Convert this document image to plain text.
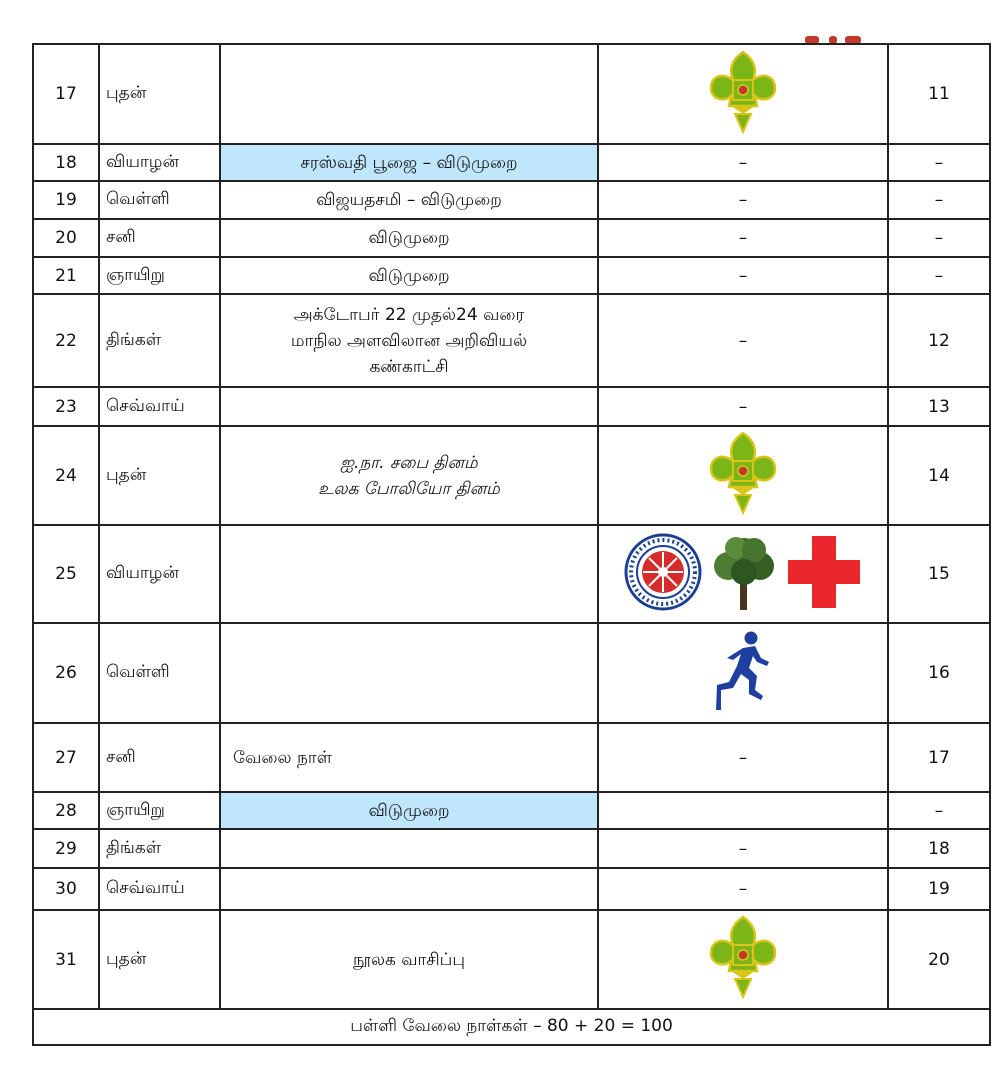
17	புதன்			11
18	வியாழன்	சரஸ்வதி பூஜை – விடுமுறை	–	–
19	வெள்ளி	விஜயதசமி – விடுமுறை	–	–
20	சனி	விடுமுறை	–	–
21	ஞாயிறு	விடுமுறை	–	–
22	திங்கள்	அக்டோபர் 22 முதல்24 வரை
மாநில அளவிலான அறிவியல்
கண்காட்சி	–	12
23	செவ்வாய்		–	13
24	புதன்	ஐ.நா. சபை தினம்
உலக போலியோ தினம்		14
25	வியாழன்			15
26	வெள்ளி			16
27	சனி	வேலை நாள்	–	17
28	ஞாயிறு	விடுமுறை		–
29	திங்கள்		–	18
30	செவ்வாய்		–	19
31	புதன்	நூலக வாசிப்பு		20
பள்ளி வேலை நாள்கள் – 80 + 20 = 100				
